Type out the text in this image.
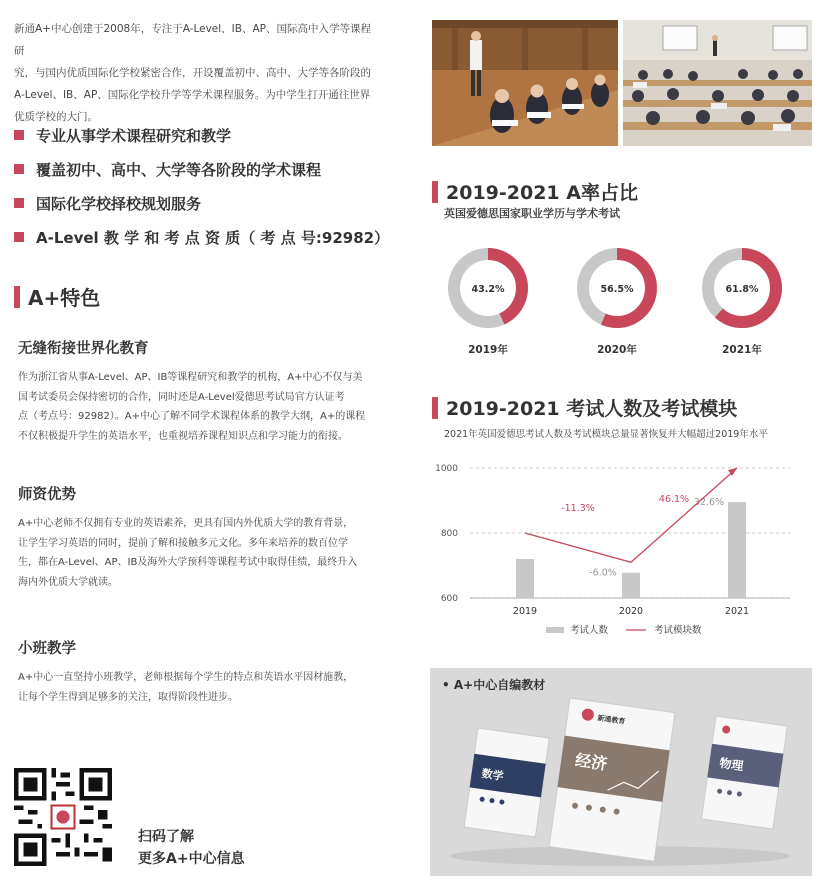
新通A+中心创建于2008年，专注于A-Level、IB、AP、国际高中入学等课程研
究，与国内优质国际化学校紧密合作，开设覆盖初中、高中、大学等各阶段的
A-Level、IB、AP、国际化学校升学等学术课程服务。为中学生打开通往世界
优质学校的大门。
专业从事学术课程研究和教学
覆盖初中、高中、大学等各阶段的学术课程
国际化学校择校规划服务
A-Level 教 学 和 考 点 资 质（ 考 点 号:92982）
A+特色
无缝衔接世界化教育

作为浙江省从事A-Level、AP、IB等课程研究和教学的机构，A+中心不仅与美
国考试委员会保持密切的合作，同时还是A-Level爱德思考试局官方认证考
点（考点号：92982）。A+中心了解不同学术课程体系的教学大纲，A+的课程
不仅积极提升学生的英语水平，也重视培养课程知识点和学习能力的衔接。

师资优势

A+中心老师不仅拥有专业的英语素养，更具有国内外优质大学的教育背景，
让学生学习英语的同时，提前了解和接触多元文化。多年来培养的数百位学
生，都在A-Level、AP、IB及海外大学预科等课程考试中取得佳绩，最终升入
海内外优质大学就读。

小班教学

A+中心一直坚持小班教学，老师根据每个学生的特点和英语水平因材施教，
让每个学生得到足够多的关注，取得阶段性进步。

扫码了解
更多A+中心信息
2019-2021 A率占比
英国爱德思国家职业学历与学术考试
43.2%
2019年
56.5%
2020年
61.8%
2021年
2019-2021 考试人数及考试模块
2021年英国爱德思考试人数及考试模块总量显著恢复并大幅超过2019年水平
600
800
1000
-6.0%
32.6%
2019	2020	2021
-11.3%
46.1%
考试人数	考试模块数
数学
新通教育
经济	物理
• A+中心自编教材
